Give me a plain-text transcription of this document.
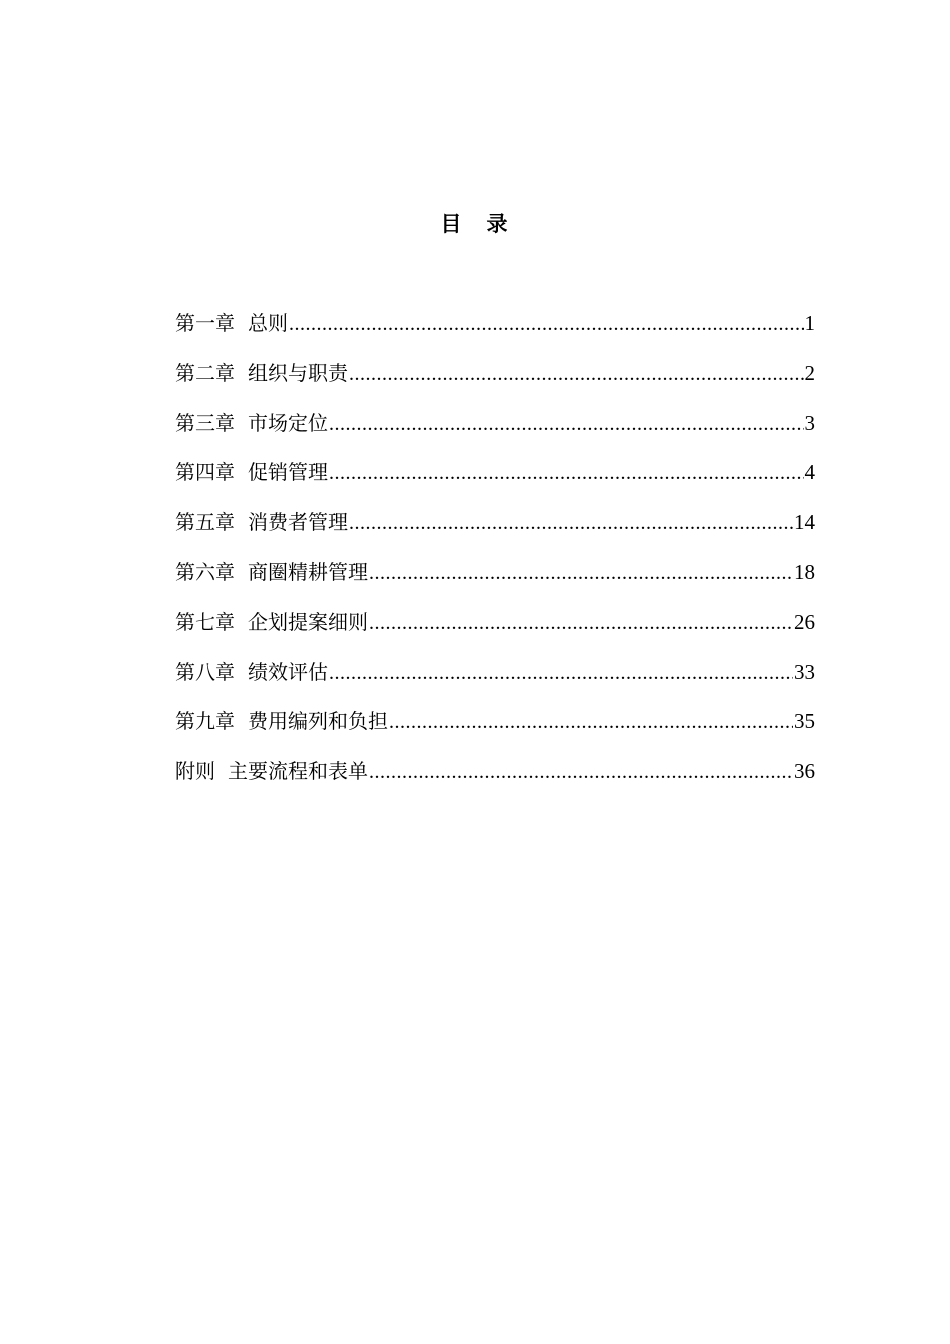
目　录
第一章 总则 .....	1
第二章 组织与职责 .....	2
第三章 市场定位 .....	3
第四章 促销管理 .....	4
第五章 消费者管理 .....	14
第六章 商圈精耕管理 .....	18
第七章 企划提案细则 .....	26
第八章 绩效评估 .....	33
第九章 费用编列和负担 .....	35
附则 主要流程和表单 .....	36
